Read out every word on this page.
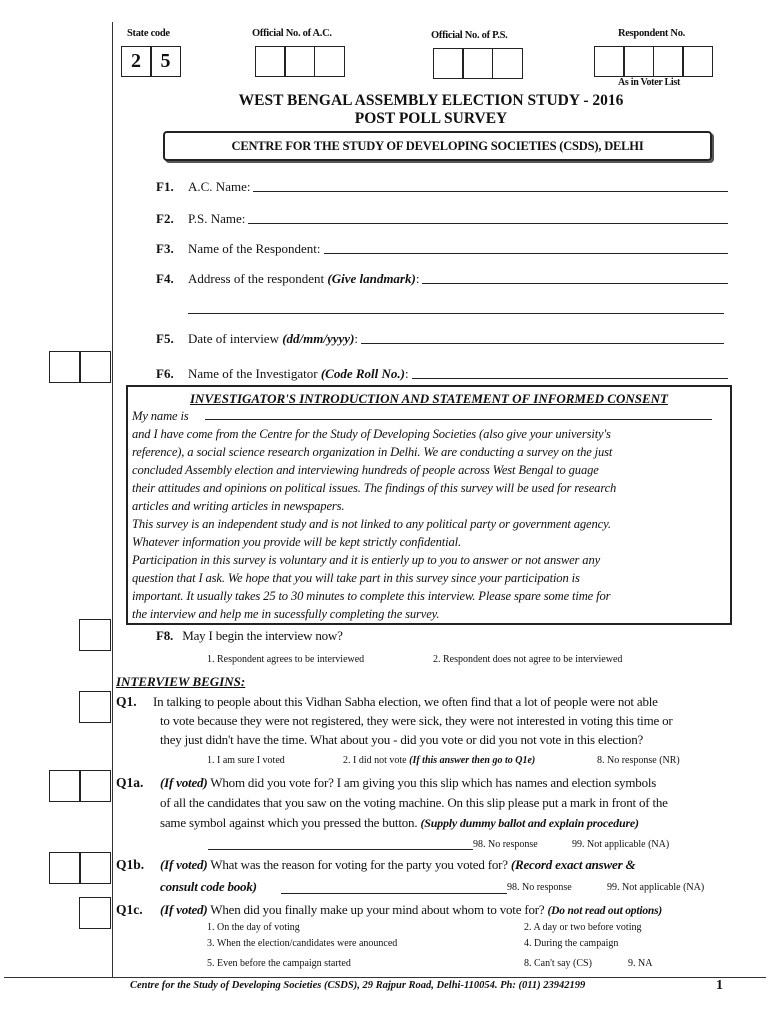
State code
2 5
Official No. of A.C.	Official No. of P.S.	Respondent No.
As in Voter List
WEST BENGAL ASSEMBLY ELECTION STUDY - 2016
POST POLL SURVEY
CENTRE FOR THE STUDY OF DEVELOPING SOCIETIES (CSDS), DELHI
F1.	A.C. Name:
F2.	P.S. Name:
F3.	Name of the Respondent:
F4.	Address of the respondent (Give landmark):
F5.	Date of interview (dd/mm/yyyy):
F6.	Name of the Investigator (Code Roll No.):
INVESTIGATOR'S INTRODUCTION AND STATEMENT OF INFORMED CONSENT
My name is
and I have come from the Centre for the Study of Developing Societies (also give your university's
reference), a social science research organization in Delhi. We are conducting a survey on the just
concluded Assembly election and interviewing hundreds of people across West Bengal to guage
their attitudes and opinions on political issues. The findings of this survey will be used for research
articles and writing articles in newspapers.
This survey is an independent study and is not linked to any political party or government agency.
Whatever information you provide will be kept strictly confidential.
Participation in this survey is voluntary and it is entierly up to you to answer or not answer any
question that I ask. We hope that you will take part in this survey since your participation is
important. It usually takes 25 to 30 minutes to complete this interview. Please spare some time for
the interview and help me in sucessfully completing the survey.
F8. May I begin the interview now?
1. Respondent agrees to be interviewed	2. Respondent does not agree to be interviewed
INTERVIEW BEGINS:
Q1. In talking to people about this Vidhan Sabha election, we often find that a lot of people were not able
to vote because they were not registered, they were sick, they were not interested in voting this time or
they just didn't have the time. What about you - did you vote or did you not vote in this election?
1. I am sure I voted	2. I did not vote (If this answer then go to Q1e)	8. No response (NR)
Q1a. (If voted) Whom did you vote for? I am giving you this slip which has names and election symbols
of all the candidates that you saw on the voting machine. On this slip please put a mark in front of the
same symbol against which you pressed the button. (Supply dummy ballot and explain procedure)
98. No response	99. Not applicable (NA)
Q1b. (If voted) What was the reason for voting for the party you voted for? (Record exact answer &
consult code book)	98. No response	99. Not applicable (NA)
Q1c. (If voted) When did you finally make up your mind about whom to vote for? (Do not read out options)
1. On the day of voting	2. A day or two before voting
3. When the election/candidates were anounced	4. During the campaign
5. Even before the campaign started	8. Can't say (CS)	9. NA
Centre for the Study of Developing Societies (CSDS), 29 Rajpur Road, Delhi-110054. Ph: (011) 23942199	1
